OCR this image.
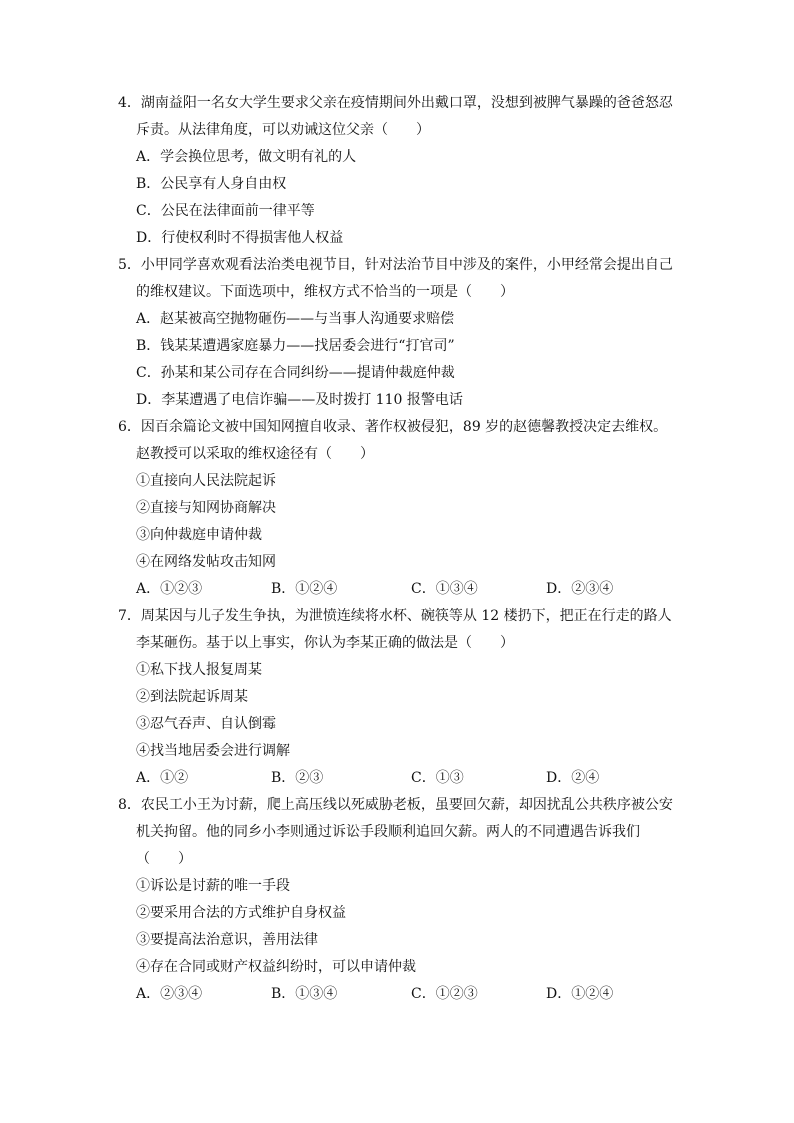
4．湖南益阳一名女大学生要求父亲在疫情期间外出戴口罩，没想到被脾气暴躁的爸爸怒忍斥责。从法律角度，可以劝诫这位父亲（　　）

A．学会换位思考，做文明有礼的人

B．公民享有人身自由权

C．公民在法律面前一律平等

D．行使权利时不得损害他人权益

5．小甲同学喜欢观看法治类电视节目，针对法治节目中涉及的案件，小甲经常会提出自己的维权建议。下面选项中，维权方式不恰当的一项是（　　）

A．赵某被高空抛物砸伤——与当事人沟通要求赔偿

B．钱某某遭遇家庭暴力——找居委会进行“打官司”

C．孙某和某公司存在合同纠纷——提请仲裁庭仲裁

D．李某遭遇了电信诈骗——及时拨打 110 报警电话

6．因百余篇论文被中国知网擅自收录、著作权被侵犯，89 岁的赵德馨教授决定去维权。赵教授可以采取的维权途径有（　　）

①直接向人民法院起诉

②直接与知网协商解决

③向仲裁庭申请仲裁

④在网络发帖攻击知网

A．①②③	B．①②④	C．①③④	D．②③④

7．周某因与儿子发生争执，为泄愤连续将水杯、碗筷等从 12 楼扔下，把正在行走的路人李某砸伤。基于以上事实，你认为李某正确的做法是（　　）

①私下找人报复周某

②到法院起诉周某

③忍气吞声、自认倒霉

④找当地居委会进行调解

A．①②	B．②③	C．①③	D．②④

8．农民工小王为讨薪，爬上高压线以死威胁老板，虽要回欠薪，却因扰乱公共秩序被公安机关拘留。他的同乡小李则通过诉讼手段顺利追回欠薪。两人的不同遭遇告诉我们（　　）

①诉讼是讨薪的唯一手段

②要采用合法的方式维护自身权益

③要提高法治意识，善用法律

④存在合同或财产权益纠纷时，可以申请仲裁

A．②③④	B．①③④	C．①②③	D．①②④
